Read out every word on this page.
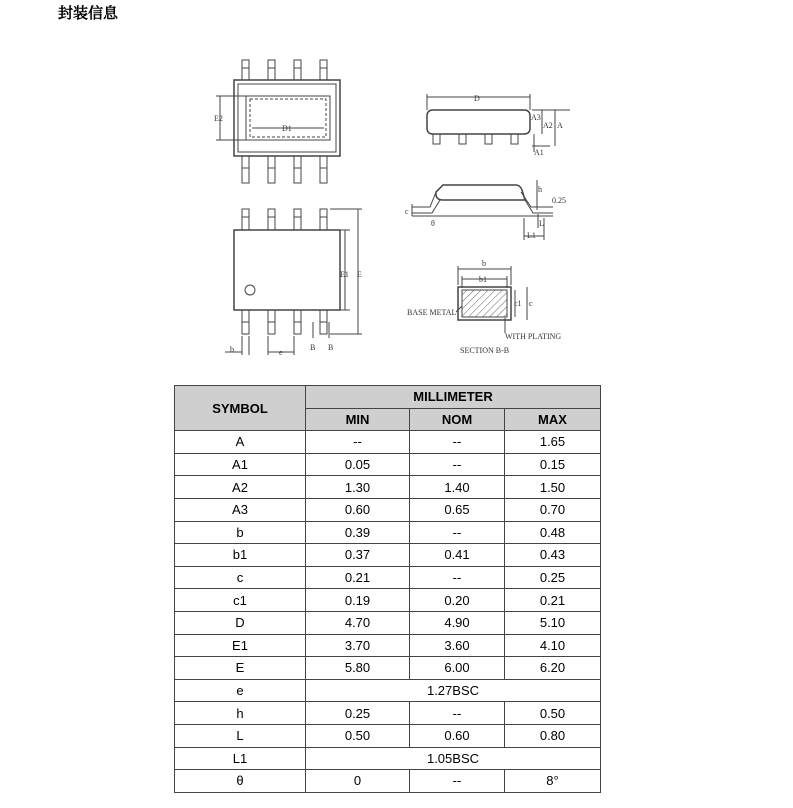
封装信息
D
A3
A2 A
A1
E2
D1
h
c
θ	L
L1
0.25
E1 E
b	e
B B
b
b1
c1 c
BASE METAL
WITH PLATING
SECTION B-B
SYMBOL	MILLIMETER		
	MIN	NOM	MAX
A	--	--	1.65
A1	0.05	--	0.15
A2	1.30	1.40	1.50
A3	0.60	0.65	0.70
b	0.39	--	0.48
b1	0.37	0.41	0.43
c	0.21	--	0.25
c1	0.19	0.20	0.21
D	4.70	4.90	5.10
E1	3.70	3.60	4.10
E	5.80	6.00	6.20
e	1.27BSC		
h	0.25	--	0.50
L	0.50	0.60	0.80
L1	1.05BSC		
θ	0	--	8°
